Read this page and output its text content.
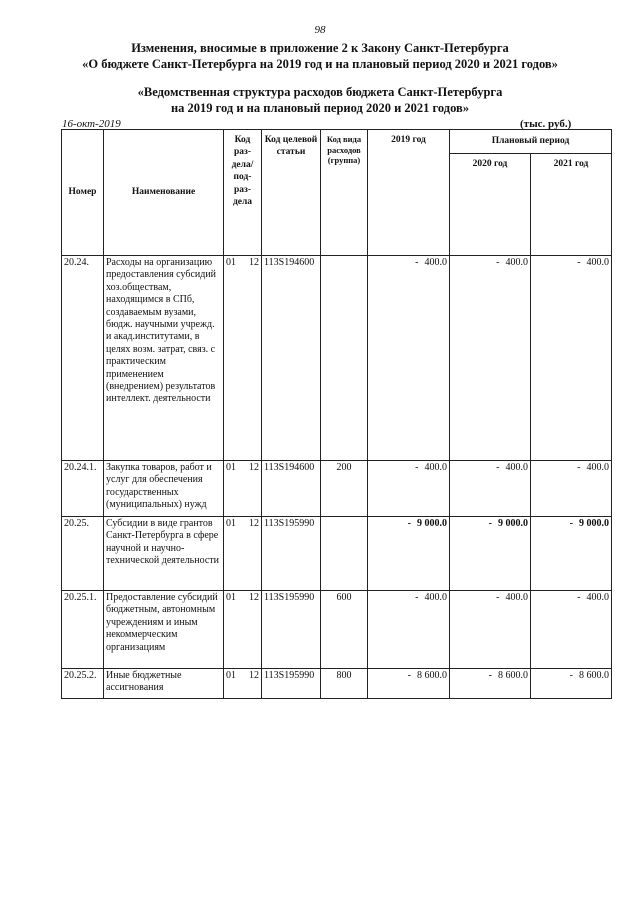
98
Изменения, вносимые в приложение 2 к Закону Санкт-Петербурга
«О бюджете Санкт-Петербурга на 2019 год и на плановый период 2020 и 2021 годов»
«Ведомственная структура расходов бюджета Санкт-Петербурга
на 2019 год и на плановый период 2020 и 2021 годов»
16-окт-2019	(тыс. руб.)
Номер	Наименование	Код раз-дела/ под-раз-дела	Код целевой статьи	Код вида расходов (группа)	2019 год	Плановый период	
						2020 год	2021 год
20.24.	Расходы на организацию предоставления субсидий хоз.обществам, находящимся в СПб, создаваемым вузами, бюдж. научными учрежд. и акад.институтами, в целях возм. затрат, связ. с практическим применением (внедрением) результатов интеллект. деятельности	01 12	113S194600		- 400.0	- 400.0	- 400.0
20.24.1.	Закупка товаров, работ и услуг для обеспечения государственных (муниципальных) нужд	01 12	113S194600	200	- 400.0	- 400.0	- 400.0
20.25.	Субсидии в виде грантов Санкт-Петербурга в сфере научной и научно-технической деятельности	01 12	113S195990		- 9 000.0	- 9 000.0	- 9 000.0
20.25.1.	Предоставление субсидий бюджетным, автономным учреждениям и иным некоммерческим организациям	01 12	113S195990	600	- 400.0	- 400.0	- 400.0
20.25.2.	Иные бюджетные ассигнования	01 12	113S195990	800	- 8 600.0	- 8 600.0	- 8 600.0
